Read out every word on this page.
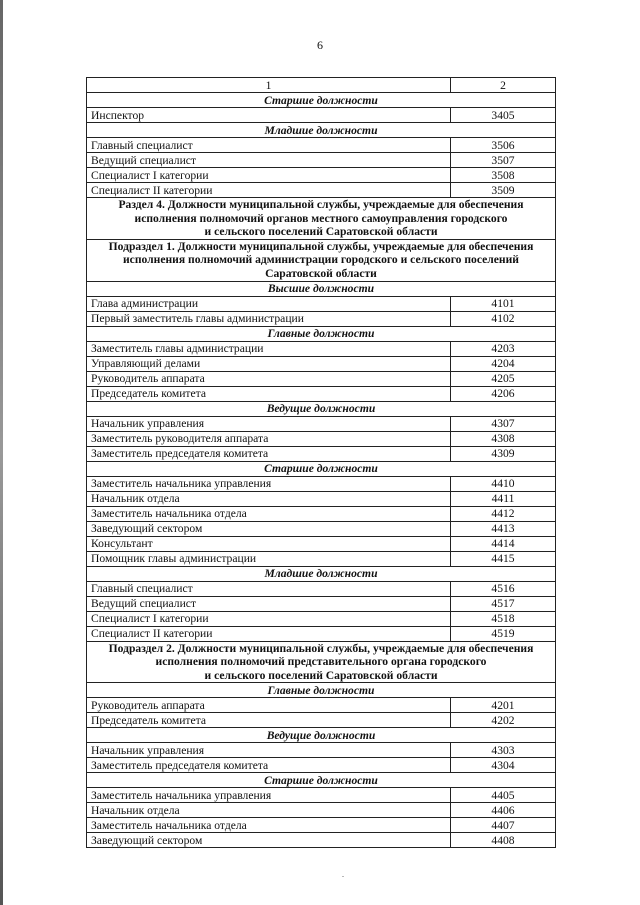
6
1	2
Старшие должности	
Инспектор	3405
Младшие должности	
Главный специалист	3506
Ведущий специалист	3507
Специалист I категории	3508
Специалист II категории	3509

Раздел 4. Должности муниципальной службы, учреждаемые для обеспечения
исполнения полномочий органов местного самоуправления городского
и сельского поселений Саратовской области	

Подраздел 1. Должности муниципальной службы, учреждаемые для обеспечения
исполнения полномочий администрации городского и сельского поселений
Саратовской области	

Высшие должности	
Глава администрации	4101
Первый заместитель главы администрации	4102
Главные должности	
Заместитель главы администрации	4203
Управляющий делами	4204
Руководитель аппарата	4205
Председатель комитета	4206
Ведущие должности	
Начальник управления	4307
Заместитель руководителя аппарата	4308
Заместитель председателя комитета	4309
Старшие должности	
Заместитель начальника управления	4410
Начальник отдела	4411
Заместитель начальника отдела	4412
Заведующий сектором	4413
Консультант	4414
Помощник главы администрации	4415
Младшие должности	
Главный специалист	4516
Ведущий специалист	4517
Специалист I категории	4518
Специалист II категории	4519

Подраздел 2. Должности муниципальной службы, учреждаемые для обеспечения
исполнения полномочий представительного органа городского
и сельского поселений Саратовской области	

Главные должности	
Руководитель аппарата	4201
Председатель комитета	4202
Ведущие должности	
Начальник управления	4303
Заместитель председателя комитета	4304
Старшие должности	
Заместитель начальника управления	4405
Начальник отдела	4406
Заместитель начальника отдела	4407
Заведующий сектором	4408
.
